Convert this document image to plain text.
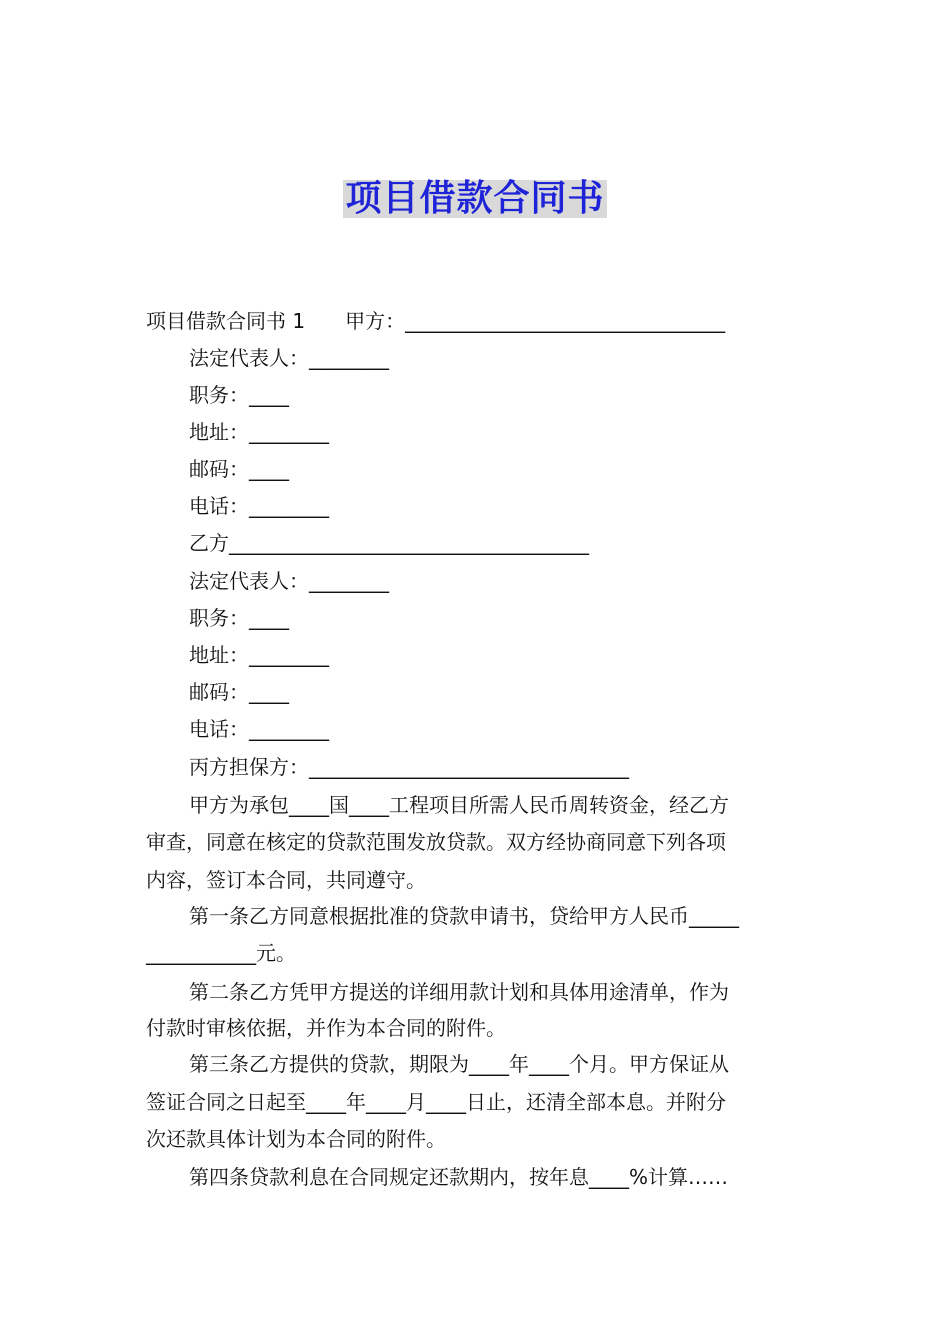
项目借款合同书
项目借款合同书 1　　甲方：________________________________
法定代表人：________
职务：____
地址：________
邮码：____
电话：________
乙方____________________________________
法定代表人：________
职务：____
地址：________
邮码：____
电话：________
丙方担保方：________________________________
甲方为承包____国____工程项目所需人民币周转资金，经乙方
审查，同意在核定的贷款范围发放贷款。双方经协商同意下列各项
内容，签订本合同，共同遵守。
第一条乙方同意根据批准的贷款申请书，贷给甲方人民币_____
___________元。
第二条乙方凭甲方提送的详细用款计划和具体用途清单，作为
付款时审核依据，并作为本合同的附件。
第三条乙方提供的贷款，期限为____年____个月。甲方保证从
签证合同之日起至____年____月____日止，还清全部本息。并附分
次还款具体计划为本合同的附件。
第四条贷款利息在合同规定还款期内，按年息____%计算……
